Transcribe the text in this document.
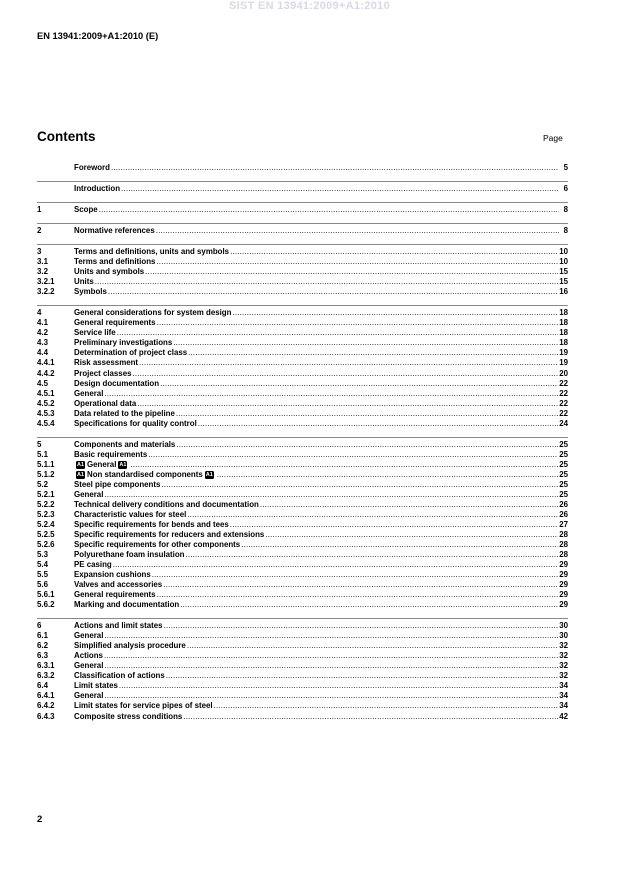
SIST EN 13941:2009+A1:2010
EN 13941:2009+A1:2010 (E)
Contents	Page
Foreword .....	5
Introduction .....	6
1	Scope .....	8
2	Normative references .....	8
3	Terms and definitions, units and symbols .....	10
3.1	Terms and definitions .....	10
3.2	Units and symbols .....	15
3.2.1	Units .....	15
3.2.2	Symbols .....	16
4	General considerations for system design .....	18
4.1	General requirements .....	18
4.2	Service life .....	18
4.3	Preliminary investigations .....	18
4.4	Determination of project class .....	19
4.4.1	Risk assessment .....	19
4.4.2	Project classes .....	20
4.5	Design documentation .....	22
4.5.1	General .....	22
4.5.2	Operational data .....	22
4.5.3	Data related to the pipeline .....	22
4.5.4	Specifications for quality control .....	24
5	Components and materials .....	25
5.1	Basic requirements .....	25
5.1.1	A1 General A1 .....	25
5.1.2	A1 Non standardised components A1 .....	25
5.2	Steel pipe components .....	25
5.2.1	General .....	25
5.2.2	Technical delivery conditions and documentation .....	26
5.2.3	Characteristic values for steel .....	26
5.2.4	Specific requirements for bends and tees .....	27
5.2.5	Specific requirements for reducers and extensions .....	28
5.2.6	Specific requirements for other components .....	28
5.3	Polyurethane foam insulation .....	28
5.4	PE casing .....	29
5.5	Expansion cushions .....	29
5.6	Valves and accessories .....	29
5.6.1	General requirements .....	29
5.6.2	Marking and documentation .....	29
6	Actions and limit states .....	30
6.1	General .....	30
6.2	Simplified analysis procedure .....	32
6.3	Actions .....	32
6.3.1	General .....	32
6.3.2	Classification of actions .....	32
6.4	Limit states .....	34
6.4.1	General .....	34
6.4.2	Limit states for service pipes of steel .....	34
6.4.3	Composite stress conditions .....	42
2
